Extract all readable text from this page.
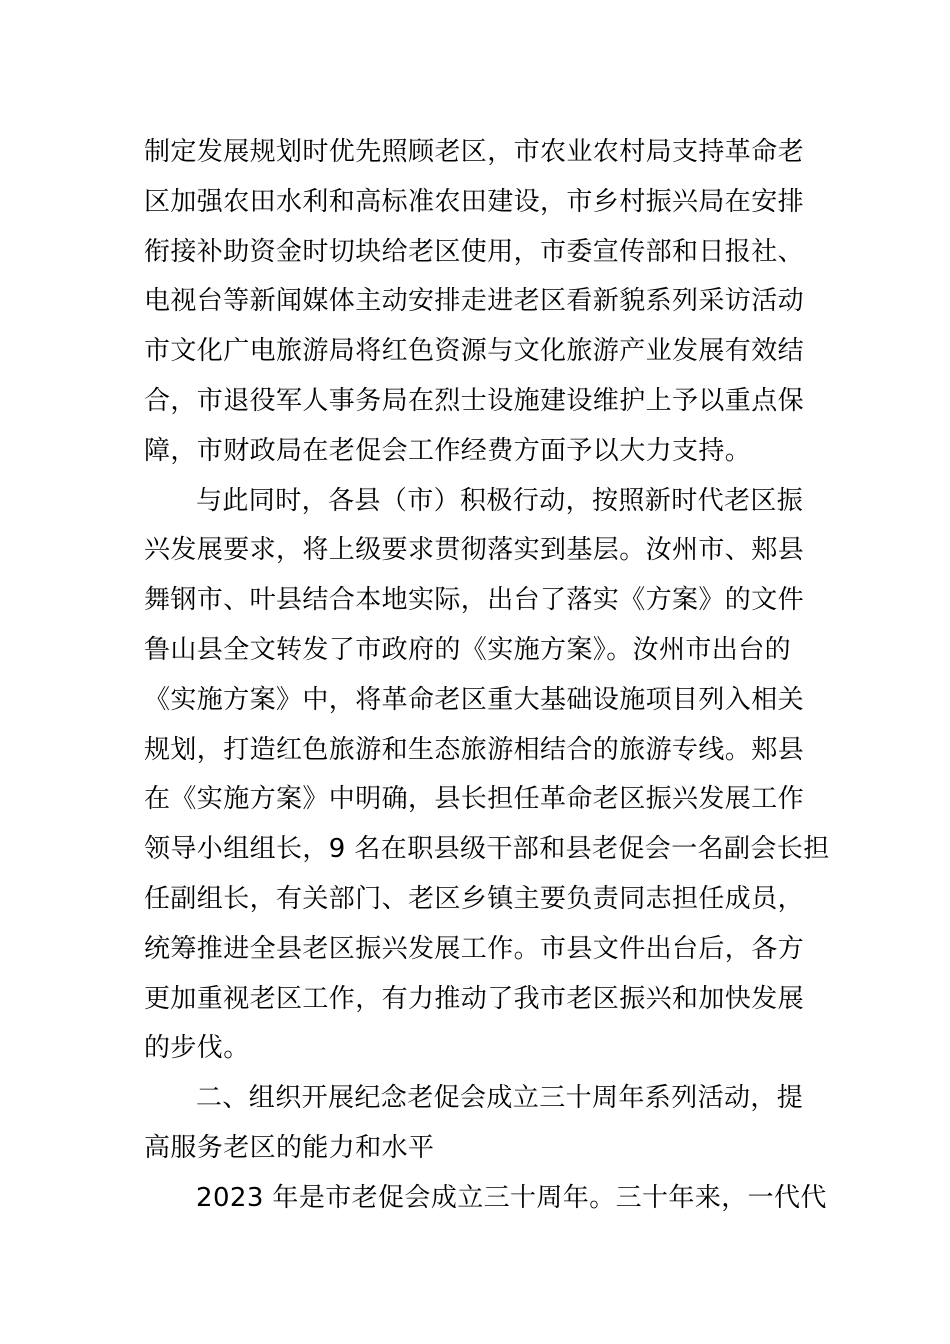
制定发展规划时优先照顾老区，市农业农村局支持革命老
区加强农田水利和高标准农田建设，市乡村振兴局在安排
衔接补助资金时切块给老区使用，市委宣传部和日报社、
电视台等新闻媒体主动安排走进老区看新貌系列采访活动
市文化广电旅游局将红色资源与文化旅游产业发展有效结
合，市退役军人事务局在烈士设施建设维护上予以重点保
障，市财政局在老促会工作经费方面予以大力支持。
与此同时，各县（市）积极行动，按照新时代老区振
兴发展要求，将上级要求贯彻落实到基层。汝州市、郏县
舞钢市、叶县结合本地实际，出台了落实《方案》的文件
鲁山县全文转发了市政府的《实施方案》。汝州市出台的
《实施方案》中，将革命老区重大基础设施项目列入相关
规划，打造红色旅游和生态旅游相结合的旅游专线。郏县
在《实施方案》中明确，县长担任革命老区振兴发展工作
领导小组组长，9 名在职县级干部和县老促会一名副会长担
任副组长，有关部门、老区乡镇主要负责同志担任成员，
统筹推进全县老区振兴发展工作。市县文件出台后，各方
更加重视老区工作，有力推动了我市老区振兴和加快发展
的步伐。
二、组织开展纪念老促会成立三十周年系列活动，提
高服务老区的能力和水平
2023 年是市老促会成立三十周年。三十年来，一代代
